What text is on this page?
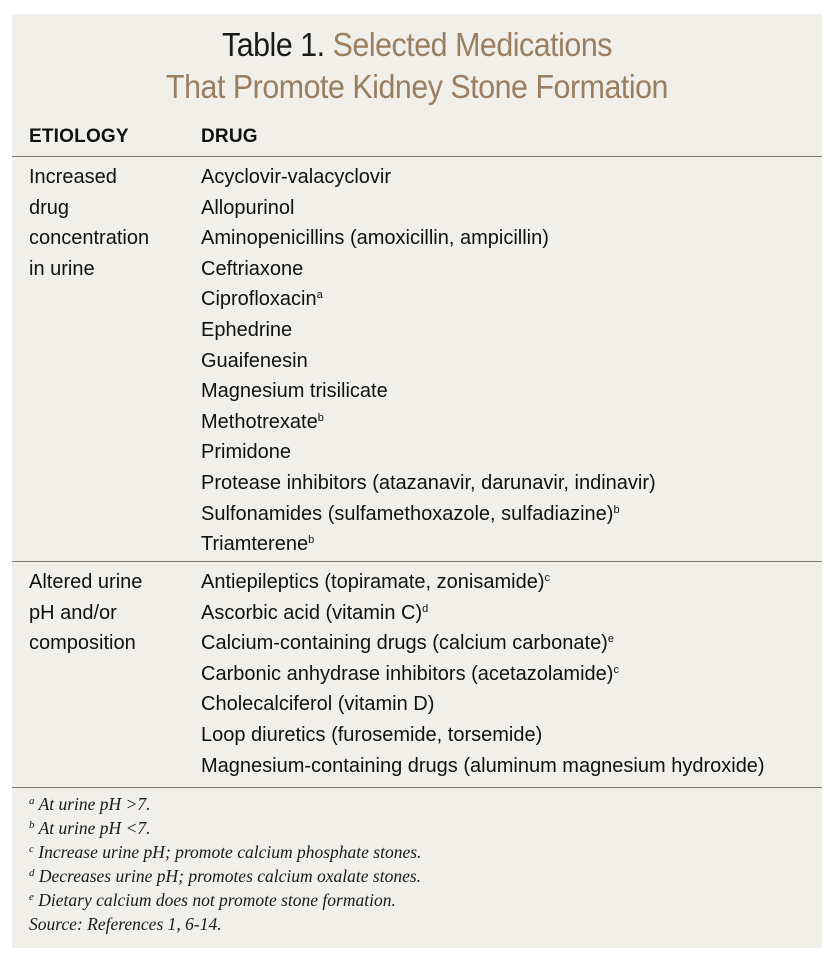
Table 1. Selected Medications
That Promote Kidney Stone Formation
ETIOLOGY	DRUG
Increased
drug
concentration
in urine
Acyclovir-valacyclovir
Allopurinol
Aminopenicillins (amoxicillin, ampicillin)
Ceftriaxone
Ciprofloxacin$^a$
Ephedrine
Guaifenesin
Magnesium trisilicate
Methotrexate$^b$
Primidone
Protease inhibitors (atazanavir, darunavir, indinavir)
Sulfonamides (sulfamethoxazole, sulfadiazine)$^b$
Triamterene$^b$
Altered urine
pH and/or
composition
Antiepileptics (topiramate, zonisamide)$^c$
Ascorbic acid (vitamin C)$^d$
Calcium-containing drugs (calcium carbonate)$^e$
Carbonic anhydrase inhibitors (acetazolamide)$^c$
Cholecalciferol (vitamin D)
Loop diuretics (furosemide, torsemide)
Magnesium-containing drugs (aluminum magnesium hydroxide)
$^a$ At urine pH >7.
$^b$ At urine pH <7.
$^c$ Increase urine pH; promote calcium phosphate stones.
$^d$ Decreases urine pH; promotes calcium oxalate stones.
$^e$ Dietary calcium does not promote stone formation.
Source: References 1, 6-14.
